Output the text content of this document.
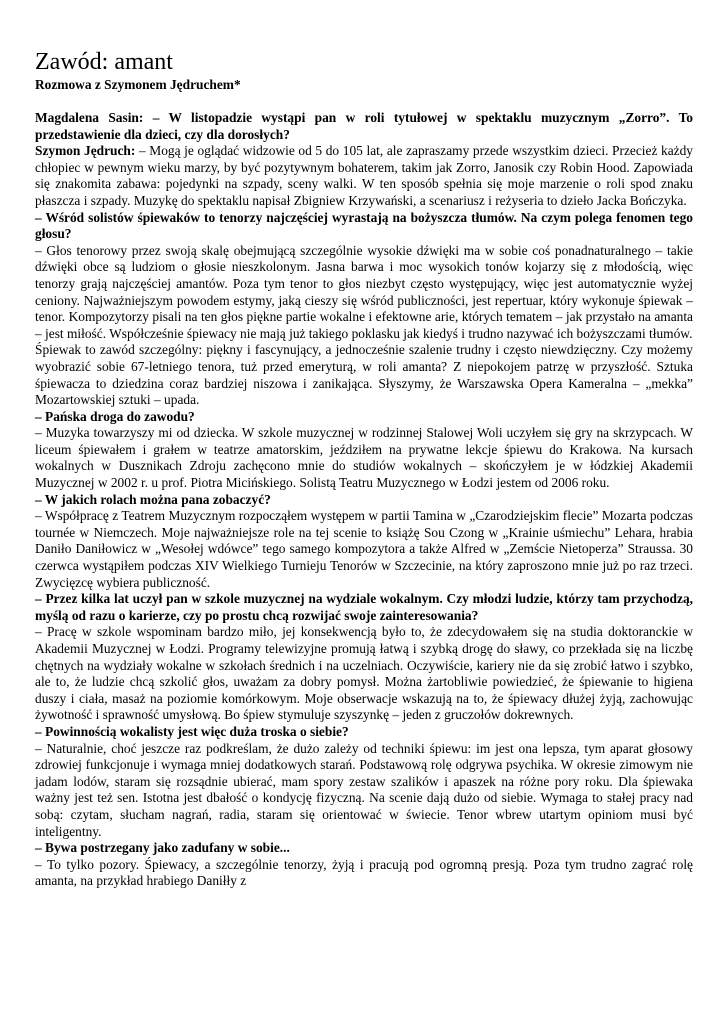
Zawód: amant

Rozmowa z Szymonem Jędruchem*

Magdalena Sasin: – W listopadzie wystąpi pan w roli tytułowej w spektaklu muzycznym „Zorro”. To przedstawienie dla dzieci, czy dla dorosłych?

Szymon Jędruch: – Mogą je oglądać widzowie od 5 do 105 lat, ale zapraszamy przede wszystkim dzieci. Przecież każdy chłopiec w pewnym wieku marzy, by być pozytywnym bohaterem, takim jak Zorro, Janosik czy Robin Hood. Zapowiada się znakomita zabawa: pojedynki na szpady, sceny walki. W ten sposób spełnia się moje marzenie o roli spod znaku płaszcza i szpady. Muzykę do spektaklu napisał Zbigniew Krzywański, a scenariusz i reżyseria to dzieło Jacka Bończyka.

– Wśród solistów śpiewaków to tenorzy najczęściej wyrastają na bożyszcza tłumów. Na czym polega fenomen tego głosu?

– Głos tenorowy przez swoją skalę obejmującą szczególnie wysokie dźwięki ma w sobie coś ponadnaturalnego – takie dźwięki obce są ludziom o głosie nieszkolonym. Jasna barwa i moc wysokich tonów kojarzy się z młodością, więc tenorzy grają najczęściej amantów. Poza tym tenor to głos niezbyt często występujący, więc jest automatycznie wyżej ceniony. Najważniejszym powodem estymy, jaką cieszy się wśród publiczności, jest repertuar, który wykonuje śpiewak – tenor. Kompozytorzy pisali na ten głos piękne partie wokalne i efektowne arie, których tematem – jak przystało na amanta – jest miłość. Współcześnie śpiewacy nie mają już takiego poklasku jak kiedyś i trudno nazywać ich bożyszczami tłumów.

Śpiewak to zawód szczególny: piękny i fascynujący, a jednocześnie szalenie trudny i często niewdzięczny. Czy możemy wyobrazić sobie 67-letniego tenora, tuż przed emeryturą, w roli amanta? Z niepokojem patrzę w przyszłość. Sztuka śpiewacza to dziedzina coraz bardziej niszowa i zanikająca. Słyszymy, że Warszawska Opera Kameralna – „mekka” Mozartowskiej sztuki – upada.

– Pańska droga do zawodu?

– Muzyka towarzyszy mi od dziecka. W szkole muzycznej w rodzinnej Stalowej Woli uczyłem się gry na skrzypcach. W liceum śpiewałem i grałem w teatrze amatorskim, jeździłem na prywatne lekcje śpiewu do Krakowa. Na kursach wokalnych w Dusznikach Zdroju zachęcono mnie do studiów wokalnych – skończyłem je w łódzkiej Akademii Muzycznej w 2002 r. u prof. Piotra Micińskiego. Solistą Teatru Muzycznego w Łodzi jestem od 2006 roku.

– W jakich rolach można pana zobaczyć?

– Współpracę z Teatrem Muzycznym rozpocząłem występem w partii Tamina w „Czarodziejskim flecie” Mozarta podczas tournée w Niemczech. Moje najważniejsze role na tej scenie to książę Sou Czong w „Krainie uśmiechu” Lehara, hrabia Daniło Daniłowicz w „Wesołej wdówce” tego samego kompozytora a także Alfred w „Zemście Nietoperza” Straussa. 30 czerwca wystąpiłem podczas XIV Wielkiego Turnieju Tenorów w Szczecinie, na który zaproszono mnie już po raz trzeci. Zwycięzcę wybiera publiczność.

– Przez kilka lat uczył pan w szkole muzycznej na wydziale wokalnym. Czy młodzi ludzie, którzy tam przychodzą, myślą od razu o karierze, czy po prostu chcą rozwijać swoje zainteresowania?

– Pracę w szkole wspominam bardzo miło, jej konsekwencją było to, że zdecydowałem się na studia doktoranckie w Akademii Muzycznej w Łodzi. Programy telewizyjne promują łatwą i szybką drogę do sławy, co przekłada się na liczbę chętnych na wydziały wokalne w szkołach średnich i na uczelniach. Oczywiście, kariery nie da się zrobić łatwo i szybko, ale to, że ludzie chcą szkolić głos, uważam za dobry pomysł. Można żartobliwie powiedzieć, że śpiewanie to higiena duszy i ciała, masaż na poziomie komórkowym. Moje obserwacje wskazują na to, że śpiewacy dłużej żyją, zachowując żywotność i sprawność umysłową. Bo śpiew stymuluje szyszynkę – jeden z gruczołów dokrewnych.

– Powinnością wokalisty jest więc duża troska o siebie?

– Naturalnie, choć jeszcze raz podkreślam, że dużo zależy od techniki śpiewu: im jest ona lepsza, tym aparat głosowy zdrowiej funkcjonuje i wymaga mniej dodatkowych starań. Podstawową rolę odgrywa psychika. W okresie zimowym nie jadam lodów, staram się rozsądnie ubierać, mam spory zestaw szalików i apaszek na różne pory roku. Dla śpiewaka ważny jest też sen. Istotna jest dbałość o kondycję fizyczną. Na scenie dają dużo od siebie. Wymaga to stałej pracy nad sobą: czytam, słucham nagrań, radia, staram się orientować w świecie. Tenor wbrew utartym opiniom musi być inteligentny.

– Bywa postrzegany jako zadufany w sobie...

– To tylko pozory. Śpiewacy, a szczególnie tenorzy, żyją i pracują pod ogromną presją. Poza tym trudno zagrać rolę amanta, na przykład hrabiego Daniłły z
